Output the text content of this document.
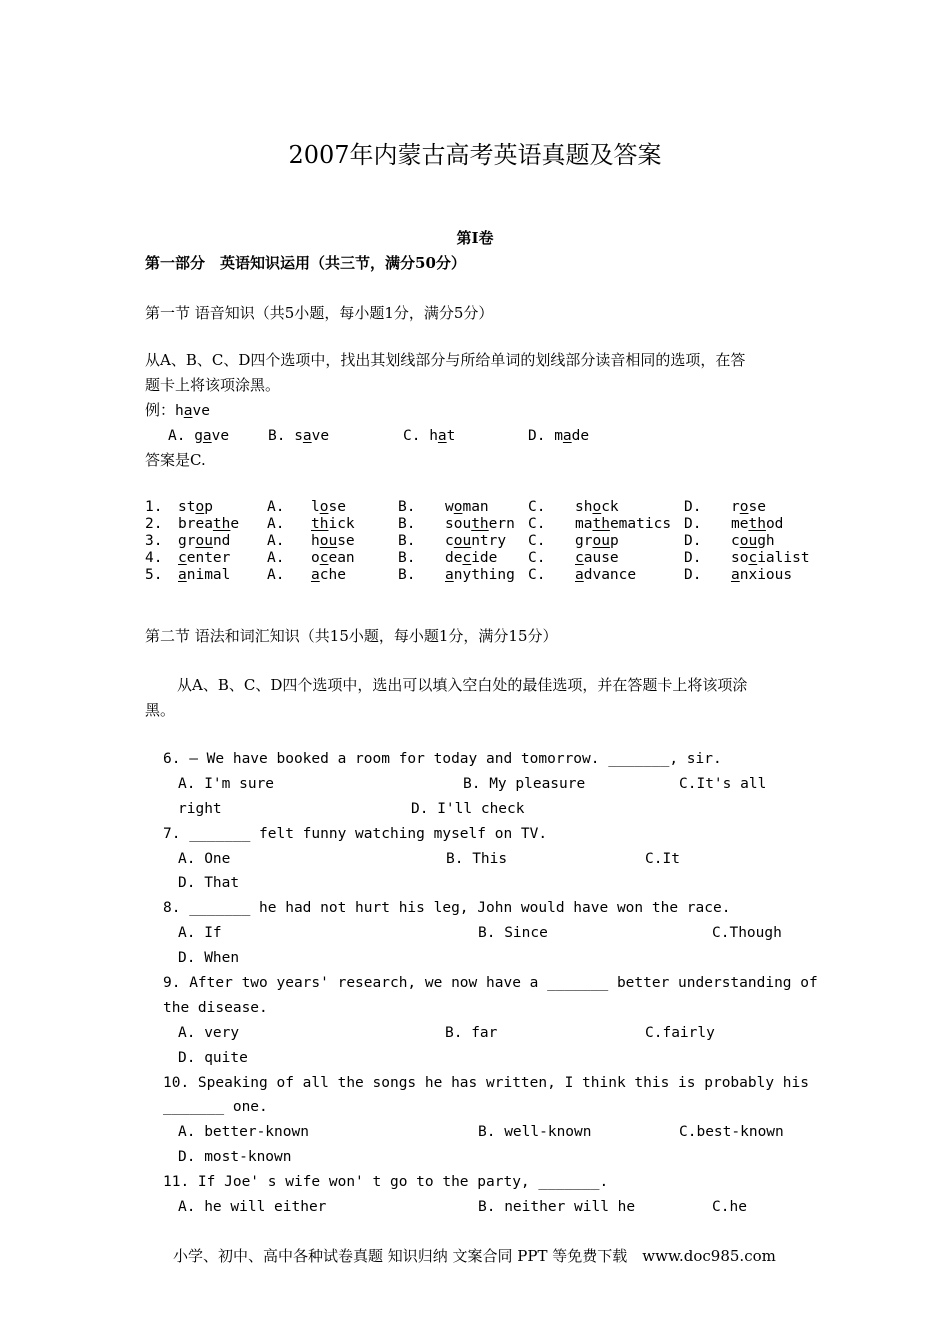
2007年内蒙古高考英语真题及答案
第I卷
第一部分　英语知识运用（共三节，满分50分）
第一节 语音知识（共5小题，每小题1分，满分5分）
从A、B、C、D四个选项中，找出其划线部分与所给单词的划线部分读音相同的选项，在答
题卡上将该项涂黑。
例：have
A. gave	B. save	C. hat	D. made
答案是C.
1. stop	A. lose	B. woman	C. shock	D. rose
2. breathe A. thick	B. southern C. mathematics D. method
3. ground	A. house	B. country C. group	D. cough
4. center	A. ocean	B. decide C. cause	D. socialist
5. animal	A. ache	B. anything C. advance	D. anxious
第二节 语法和词汇知识（共15小题，每小题1分，满分15分）
从A、B、C、D四个选项中，选出可以填入空白处的最佳选项，并在答题卡上将该项涂
黑。
6. — We have booked a room for today and tomorrow. _______, sir.
A. I'm sure	B. My pleasure	C.It's all
right	D. I'll check
7. _______ felt funny watching myself on TV.
A. One	B. This	C.It
D. That
8. _______ he had not hurt his leg, John would have won the race.
A. If	B. Since	C.Though
D. When
9. After two years' research, we now have a _______ better understanding of
the disease.
A. very	B. far	C.fairly
D. quite
10. Speaking of all the songs he has written, I think this is probably his
_______ one.
A. better-known	B. well-known	C.best-known
D. most-known
11. If Joe' s wife won' t go to the party, _______.
A. he will either	B. neither will he	C.he
小学、初中、高中各种试卷真题 知识归纳 文案合同 PPT 等免费下载　www.doc985.com
